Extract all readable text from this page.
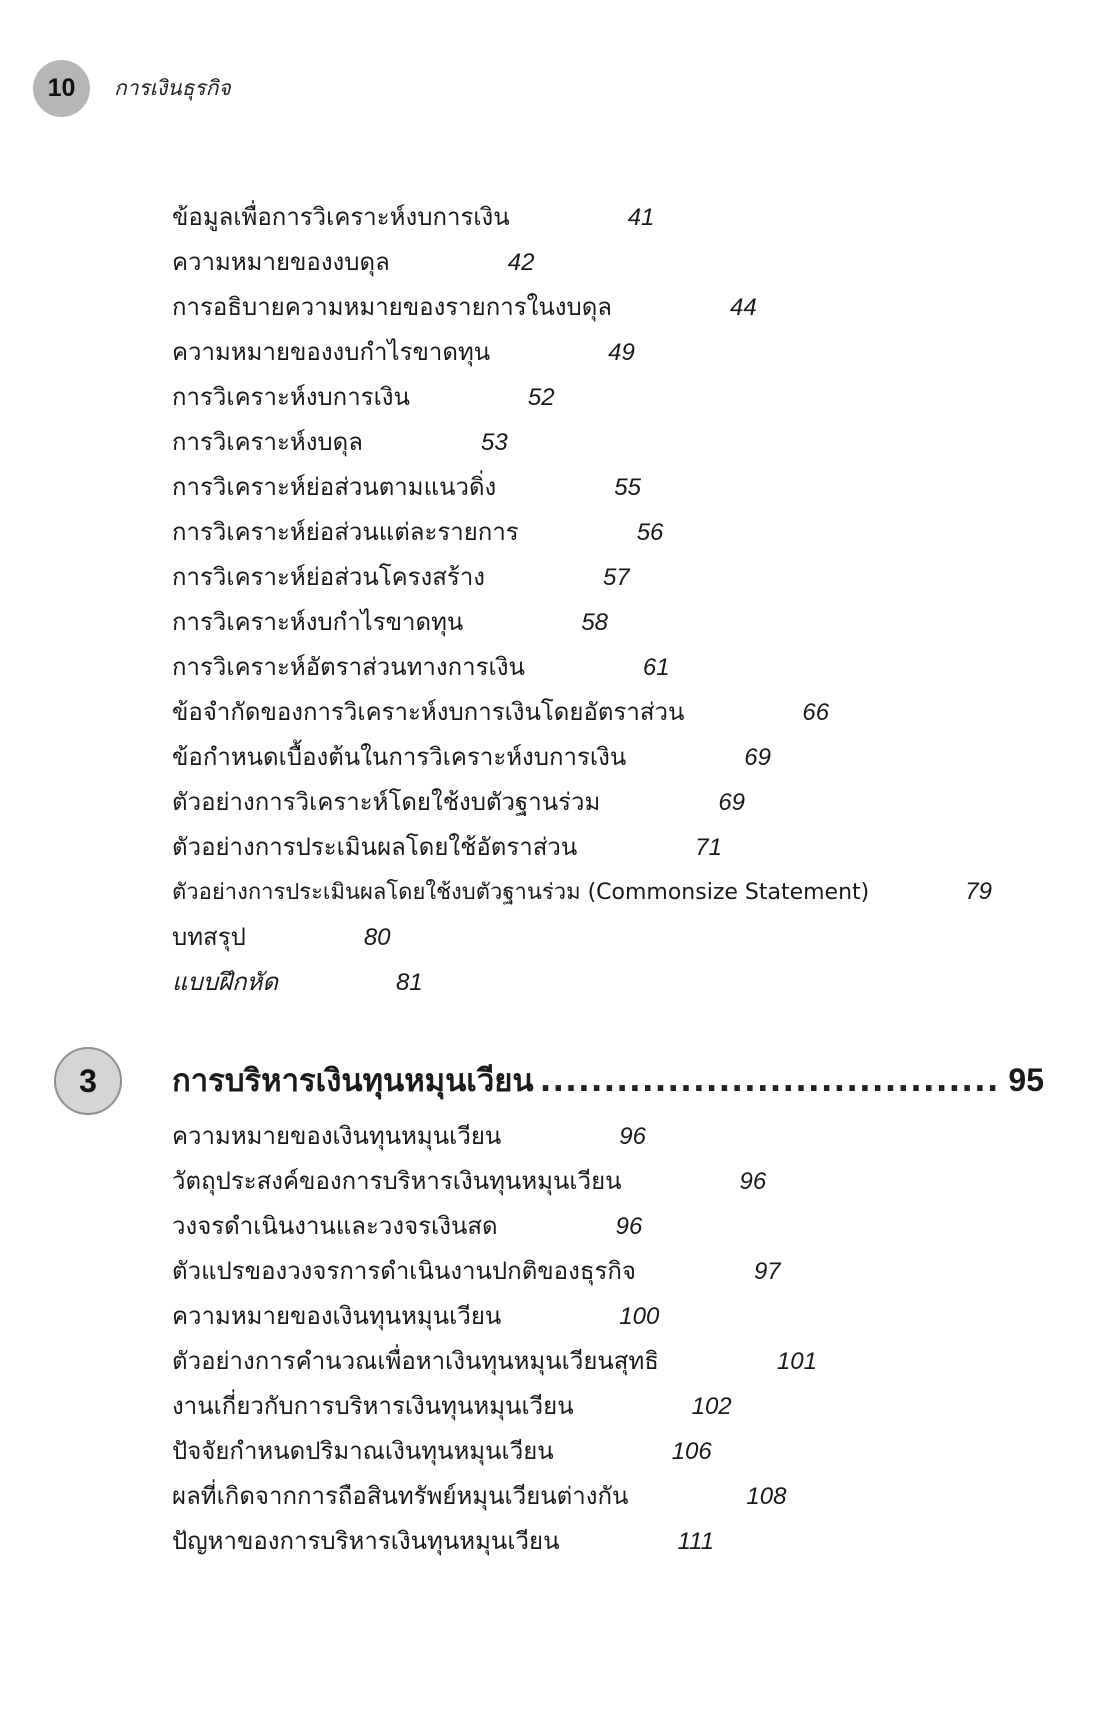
10	การเงินธุรกิจ
ข้อมูลเพื่อการวิเคราะห์งบการเงิน	41
ความหมายของงบดุล	42
การอธิบายความหมายของรายการในงบดุล	44
ความหมายของงบกำไรขาดทุน	49
การวิเคราะห์งบการเงิน	52
การวิเคราะห์งบดุล	53
การวิเคราะห์ย่อส่วนตามแนวดิ่ง	55
การวิเคราะห์ย่อส่วนแต่ละรายการ	56
การวิเคราะห์ย่อส่วนโครงสร้าง	57
การวิเคราะห์งบกำไรขาดทุน	58
การวิเคราะห์อัตราส่วนทางการเงิน	61
ข้อจำกัดของการวิเคราะห์งบการเงินโดยอัตราส่วน	66
ข้อกำหนดเบื้องต้นในการวิเคราะห์งบการเงิน	69
ตัวอย่างการวิเคราะห์โดยใช้งบตัวฐานร่วม	69
ตัวอย่างการประเมินผลโดยใช้อัตราส่วน	71
ตัวอย่างการประเมินผลโดยใช้งบตัวฐานร่วม (Commonsize Statement)	79
บทสรุป	80
แบบฝึกหัด	81
3	การบริหารเงินทุนหมุนเวียน .....	95
ความหมายของเงินทุนหมุนเวียน	96
วัตถุประสงค์ของการบริหารเงินทุนหมุนเวียน	96
วงจรดำเนินงานและวงจรเงินสด	96
ตัวแปรของวงจรการดำเนินงานปกติของธุรกิจ	97
ความหมายของเงินทุนหมุนเวียน	100
ตัวอย่างการคำนวณเพื่อหาเงินทุนหมุนเวียนสุทธิ	101
งานเกี่ยวกับการบริหารเงินทุนหมุนเวียน	102
ปัจจัยกำหนดปริมาณเงินทุนหมุนเวียน	106
ผลที่เกิดจากการถือสินทรัพย์หมุนเวียนต่างกัน	108
ปัญหาของการบริหารเงินทุนหมุนเวียน	111
